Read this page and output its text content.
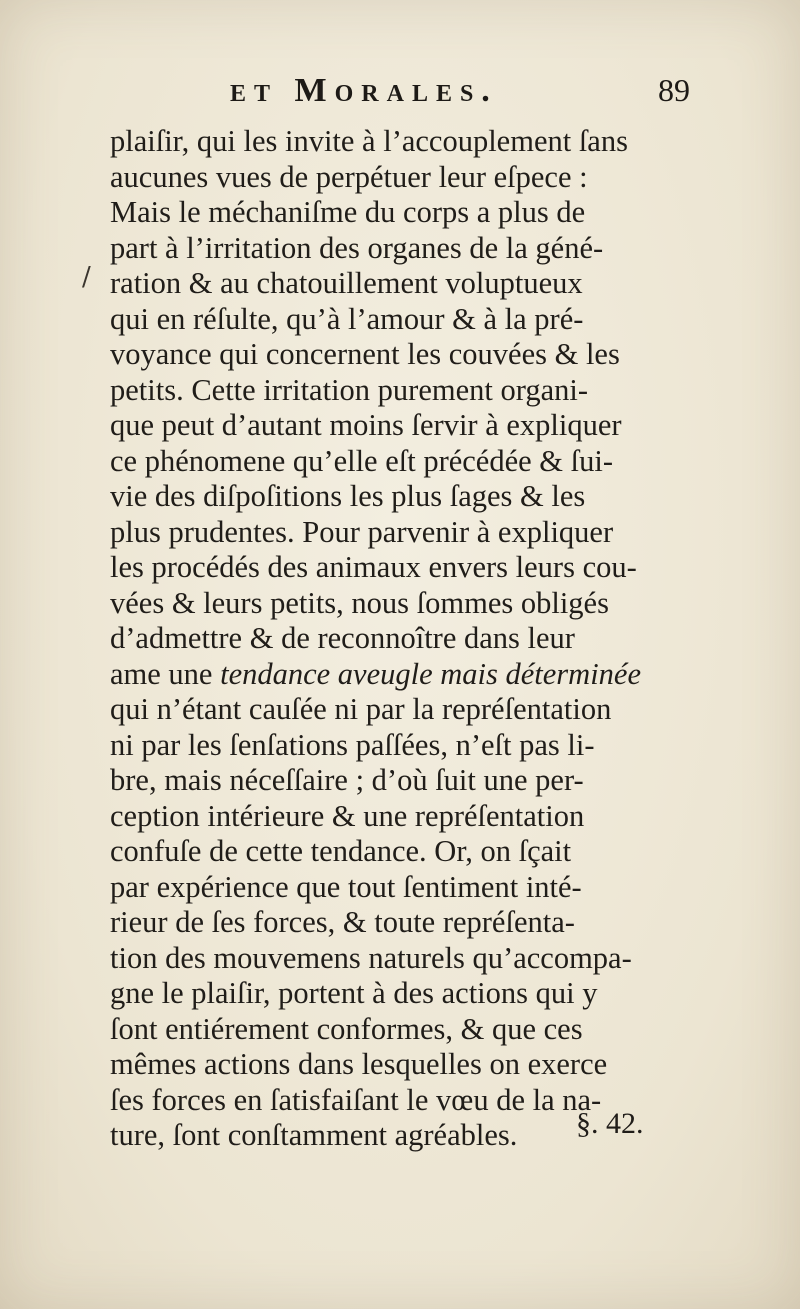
et Morales.	89
/
plaiſir, qui les invite à l’accouplement ſans
aucunes vues de perpétuer leur eſpece :
Mais le méchaniſme du corps a plus de
part à l’irritation des organes de la géné-
ration & au chatouillement voluptueux
qui en réſulte, qu’à l’amour & à la pré-
voyance qui concernent les couvées & les
petits. Cette irritation purement organi-
que peut d’autant moins ſervir à expliquer
ce phénomene qu’elle eſt précédée & ſui-
vie des diſpoſitions les plus ſages & les
plus prudentes. Pour parvenir à expliquer
les procédés des animaux envers leurs cou-
vées & leurs petits, nous ſommes obligés
d’admettre & de reconnoître dans leur
ame une tendance aveugle mais déterminée
qui n’étant cauſée ni par la repréſentation
ni par les ſenſations paſſées, n’eſt pas li-
bre, mais néceſſaire ; d’où ſuit une per-
ception intérieure & une repréſentation
confuſe de cette tendance. Or, on ſçait
par expérience que tout ſentiment inté-
rieur de ſes forces, & toute repréſenta-
tion des mouvemens naturels qu’accompa-
gne le plaiſir, portent à des actions qui y
ſont entiérement conformes, & que ces
mêmes actions dans lesquelles on exerce
ſes forces en ſatisfaiſant le vœu de la na-
ture, ſont conſtamment agréables.	§. 42.
